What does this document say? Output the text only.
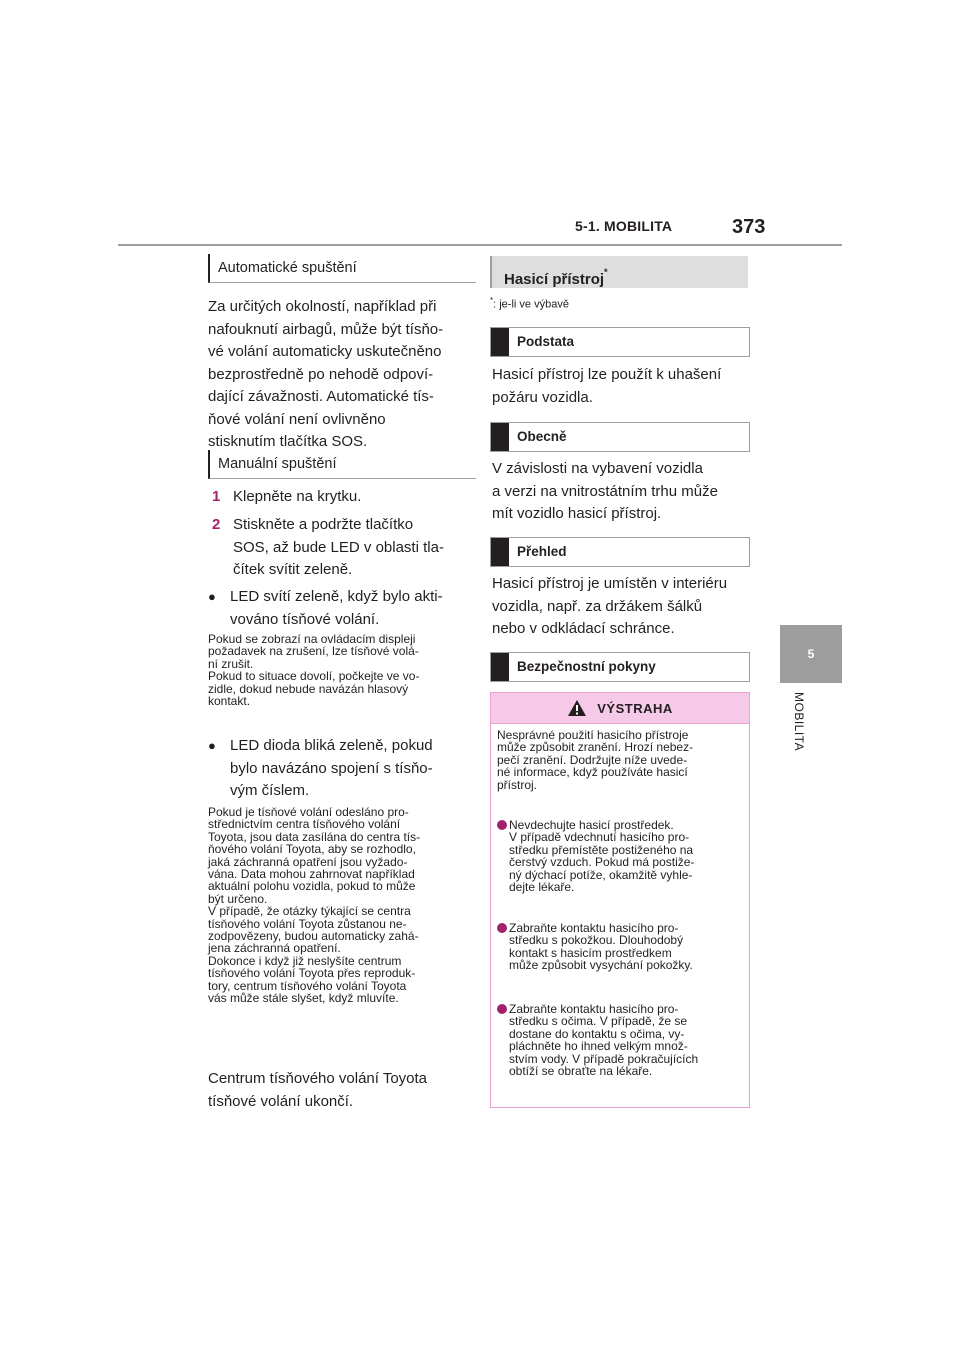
5-1. MOBILITA	373
5
MOBILITA
Automatické spuštění
Za určitých okolností, například při
nafouknutí airbagů, může být tísňo-
vé volání automaticky uskutečněno
bezprostředně po nehodě odpoví-
dající závažnosti. Automatické tís-
ňové volání není ovlivněno
stisknutím tlačítka SOS.
Manuální spuštění
1 Klepněte na krytku.
2 Stiskněte a podržte tlačítko
SOS, až bude LED v oblasti tla-
čítek svítit zeleně.
● LED svítí zeleně, když bylo akti-
vováno tísňové volání.
Pokud se zobrazí na ovládacím displeji
požadavek na zrušení, lze tísňové volá-
ní zrušit.
Pokud to situace dovolí, počkejte ve vo-
zidle, dokud nebude navázán hlasový
kontakt.
● LED dioda bliká zeleně, pokud
bylo navázáno spojení s tísňo-
vým číslem.
Pokud je tísňové volání odesláno pro-
střednictvím centra tísňového volání
Toyota, jsou data zasílána do centra tís-
ňového volání Toyota, aby se rozhodlo,
jaká záchranná opatření jsou vyžado-
vána. Data mohou zahrnovat například
aktuální polohu vozidla, pokud to může
být určeno.
V případě, že otázky týkající se centra
tísňového volání Toyota zůstanou ne-
zodpovězeny, budou automaticky zahá-
jena záchranná opatření.
Dokonce i když již neslyšíte centrum
tísňového volání Toyota přes reproduk-
tory, centrum tísňového volání Toyota
vás může stále slyšet, když mluvíte.
Centrum tísňového volání Toyota
tísňové volání ukončí.
Hasicí přístroj*
*: je-li ve výbavě
Podstata
Hasicí přístroj lze použít k uhašení
požáru vozidla.
Obecně
V závislosti na vybavení vozidla
a verzi na vnitrostátním trhu může
mít vozidlo hasicí přístroj.
Přehled
Hasicí přístroj je umístěn v interiéru
vozidla, např. za držákem šálků
nebo v odkládací schránce.
Bezpečnostní pokyny
VÝSTRAHA
Nesprávné použití hasicího přístroje
může způsobit zranění. Hrozí nebez-
pečí zranění. Dodržujte níže uvede-
né informace, když používáte hasicí
přístroj.
Nevdechujte hasicí prostředek.
V případě vdechnutí hasicího pro-
středku přemístěte postiženého na
čerstvý vzduch. Pokud má postiže-
ný dýchací potíže, okamžitě vyhle-
dejte lékaře.
Zabraňte kontaktu hasicího pro-
středku s pokožkou. Dlouhodobý
kontakt s hasicím prostředkem
může způsobit vysychání pokožky.
Zabraňte kontaktu hasicího pro-
středku s očima. V případě, že se
dostane do kontaktu s očima, vy-
pláchněte ho ihned velkým množ-
stvím vody. V případě pokračujících
obtíží se obraťte na lékaře.
